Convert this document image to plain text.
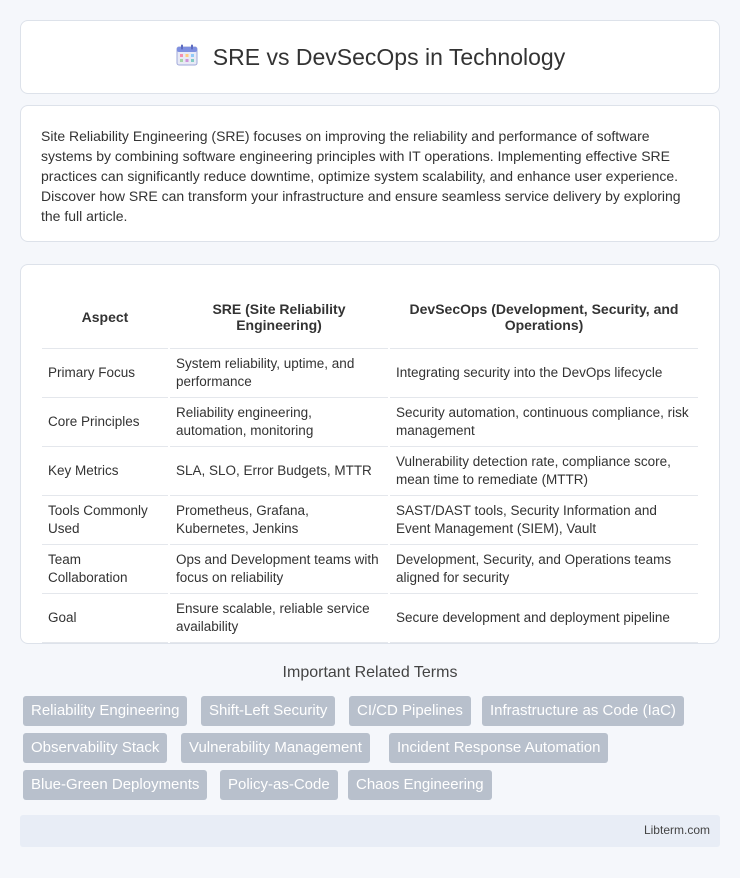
SRE vs DevSecOps in Technology

Site Reliability Engineering (SRE) focuses on improving the reliability and performance of software systems by combining software engineering principles with IT operations. Implementing effective SRE practices can significantly reduce downtime, optimize system scalability, and enhance user experience. Discover how SRE can transform your infrastructure and ensure seamless service delivery by exploring the full article.

Aspect	SRE (Site Reliability Engineering)	DevSecOps (Development, Security, and Operations)
Primary Focus	System reliability, uptime, and performance	Integrating security into the DevOps lifecycle
Core Principles	Reliability engineering, automation, monitoring	Security automation, continuous compliance, risk management
Key Metrics	SLA, SLO, Error Budgets, MTTR	Vulnerability detection rate, compliance score, mean time to remediate (MTTR)
Tools Commonly Used	Prometheus, Grafana, Kubernetes, Jenkins	SAST/DAST tools, Security Information and Event Management (SIEM), Vault
Team Collaboration	Ops and Development teams with focus on reliability	Development, Security, and Operations teams aligned for security
Goal	Ensure scalable, reliable service availability	Secure development and deployment pipeline
Important Related Terms
Reliability Engineering	Shift-Left Security	CI/CD Pipelines	Infrastructure as Code (IaC)
Observability Stack	Vulnerability Management	Incident Response Automation
Blue-Green Deployments	Policy-as-Code	Chaos Engineering
Libterm.com
